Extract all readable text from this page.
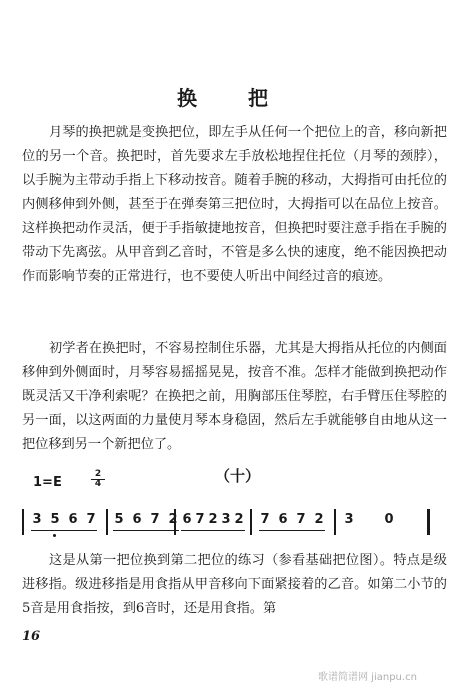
换 把

月琴的换把就是变换把位，即左手从任何一个把位上的音，移向新把位的另一个音。换把时，首先要求左手放松地捏住托位（月琴的颈脖），以手腕为主带动手指上下移动按音。随着手腕的移动，大拇指可由托位的内侧移伸到外侧，甚至于在弹奏第三把位时，大拇指可以在品位上按音。这样换把动作灵活，便于手指敏捷地按音，但换把时要注意手指在手腕的带动下先离弦。从甲音到乙音时，不管是多么快的速度，绝不能因换把动作而影响节奏的正常进行，也不要使人听出中间经过音的痕迹。

初学者在换把时，不容易控制住乐器，尤其是大拇指从托位的内侧面移伸到外侧面时，月琴容易摇摇晃晃，按音不准。怎样才能做到换把动作既灵活又干净利索呢？在换把之前，用胸部压住琴腔，右手臂压住琴腔的另一面，以这两面的力量使月琴本身稳固，然后左手就能够自由地从这一把位移到另一个新把位了。

（十）
1=E
2
4
3 5 6 7 5 6 7 2 6 7 2 3 2 7 6 7 2 3 0

这是从第一把位换到第二把位的练习（参看基础把位图）。特点是级进移指。级进移指是用食指从甲音移向下面紧接着的乙音。如第二小节的5音是用食指按，到6音时，还是用食指。第

16
歌谱简谱网 jianpu.cn
